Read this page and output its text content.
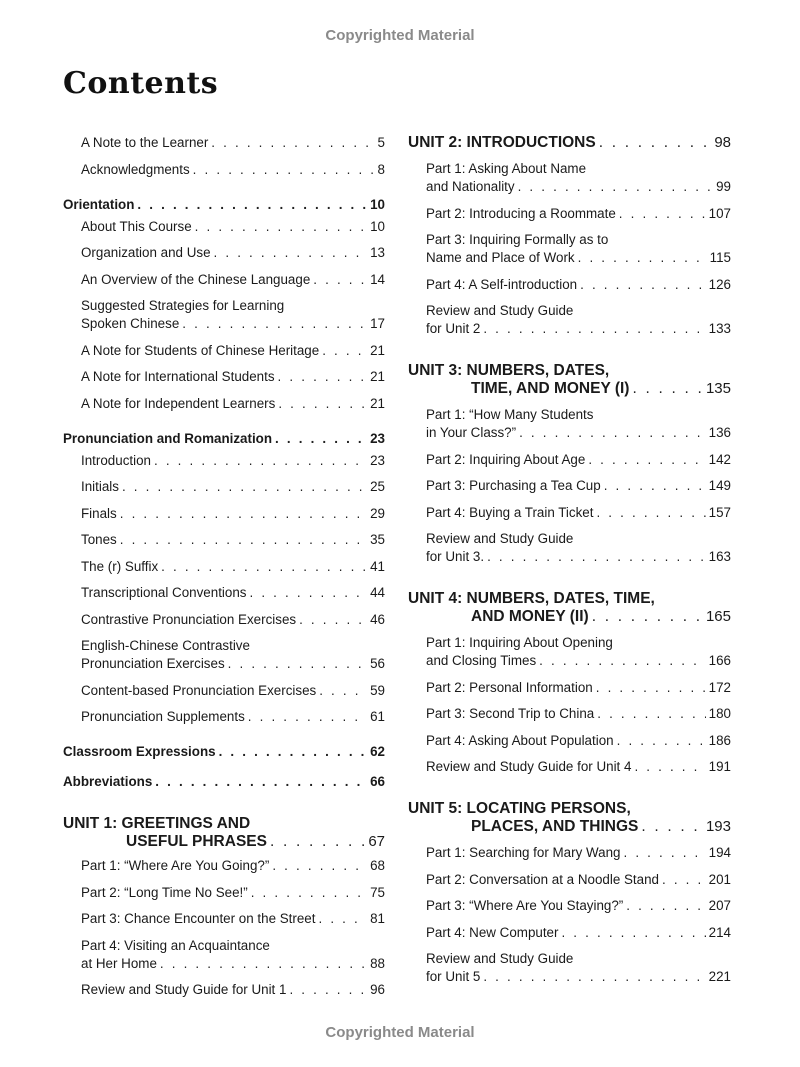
Copyrighted Material
Contents
A Note to the Learner . . .	5
Acknowledgments . . .	8
Orientation . . .	10
About This Course . . .	10
Organization and Use . . .	13
An Overview of the Chinese Language . . .	14
Suggested Strategies for Learning
Spoken Chinese . . .	17
A Note for Students of Chinese Heritage . . .	21
A Note for International Students . . .	21
A Note for Independent Learners . . .	21
Pronunciation and Romanization . . .	23
Introduction . . .	23
Initials . . .	25
Finals . . .	29
Tones . . .	35
The (r) Suffix . . .	41
Transcriptional Conventions . . .	44
Contrastive Pronunciation Exercises . . .	46
English-Chinese Contrastive
Pronunciation Exercises . . .	56
Content-based Pronunciation Exercises . . .	59
Pronunciation Supplements . . .	61
Classroom Expressions . . .	62
Abbreviations . . .	66
UNIT 1: GREETINGS AND
USEFUL PHRASES . . .	67
Part 1: “Where Are You Going?” . . .	68
Part 2: “Long Time No See!” . . .	75
Part 3: Chance Encounter on the Street . . .	81
Part 4: Visiting an Acquaintance
at Her Home . . .	88
Review and Study Guide for Unit 1 . . .	96
UNIT 2: INTRODUCTIONS . . .	98
Part 1: Asking About Name
and Nationality . . .	99
Part 2: Introducing a Roommate . . .	107
Part 3: Inquiring Formally as to
Name and Place of Work . . .	115
Part 4: A Self-introduction . . .	126
Review and Study Guide
for Unit 2 . . .	133
UNIT 3: NUMBERS, DATES,
TIME, AND MONEY (I) . . .	135
Part 1: “How Many Students
in Your Class?” . . .	136
Part 2: Inquiring About Age . . .	142
Part 3: Purchasing a Tea Cup . . .	149
Part 4: Buying a Train Ticket . . .	157
Review and Study Guide
for Unit 3. . . .	163
UNIT 4: NUMBERS, DATES, TIME,
AND MONEY (II) . . .	165
Part 1: Inquiring About Opening
and Closing Times . . .	166
Part 2: Personal Information . . .	172
Part 3: Second Trip to China . . .	180
Part 4: Asking About Population . . .	186
Review and Study Guide for Unit 4 . . .	191
UNIT 5: LOCATING PERSONS,
PLACES, AND THINGS . . .	193
Part 1: Searching for Mary Wang . . .	194
Part 2: Conversation at a Noodle Stand . . .	201
Part 3: “Where Are You Staying?” . . .	207
Part 4: New Computer . . .	214
Review and Study Guide
for Unit 5 . . .	221
Copyrighted Material
